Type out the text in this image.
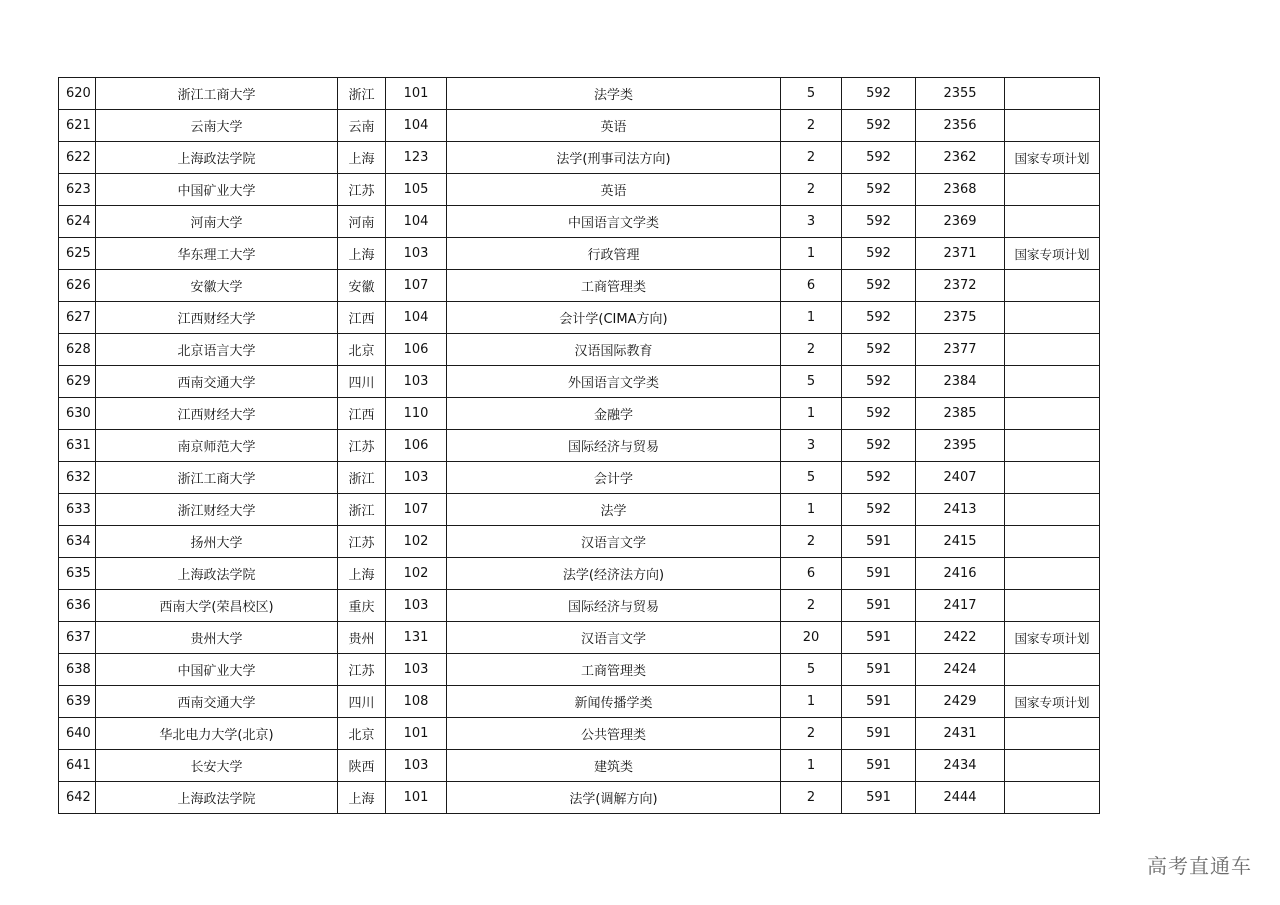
620	浙江工商大学	浙江	101	法学类	5	592	2355	
621	云南大学	云南	104	英语	2	592	2356	
622	上海政法学院	上海	123	法学(刑事司法方向)	2	592	2362	国家专项计划
623	中国矿业大学	江苏	105	英语	2	592	2368	
624	河南大学	河南	104	中国语言文学类	3	592	2369	
625	华东理工大学	上海	103	行政管理	1	592	2371	国家专项计划
626	安徽大学	安徽	107	工商管理类	6	592	2372	
627	江西财经大学	江西	104	会计学(CIMA方向)	1	592	2375	
628	北京语言大学	北京	106	汉语国际教育	2	592	2377	
629	西南交通大学	四川	103	外国语言文学类	5	592	2384	
630	江西财经大学	江西	110	金融学	1	592	2385	
631	南京师范大学	江苏	106	国际经济与贸易	3	592	2395	
632	浙江工商大学	浙江	103	会计学	5	592	2407	
633	浙江财经大学	浙江	107	法学	1	592	2413	
634	扬州大学	江苏	102	汉语言文学	2	591	2415	
635	上海政法学院	上海	102	法学(经济法方向)	6	591	2416	
636	西南大学(荣昌校区)	重庆	103	国际经济与贸易	2	591	2417	
637	贵州大学	贵州	131	汉语言文学	20	591	2422	国家专项计划
638	中国矿业大学	江苏	103	工商管理类	5	591	2424	
639	西南交通大学	四川	108	新闻传播学类	1	591	2429	国家专项计划
640	华北电力大学(北京)	北京	101	公共管理类	2	591	2431	
641	长安大学	陕西	103	建筑类	1	591	2434	
642	上海政法学院	上海	101	法学(调解方向)	2	591	2444	
高考直通车
